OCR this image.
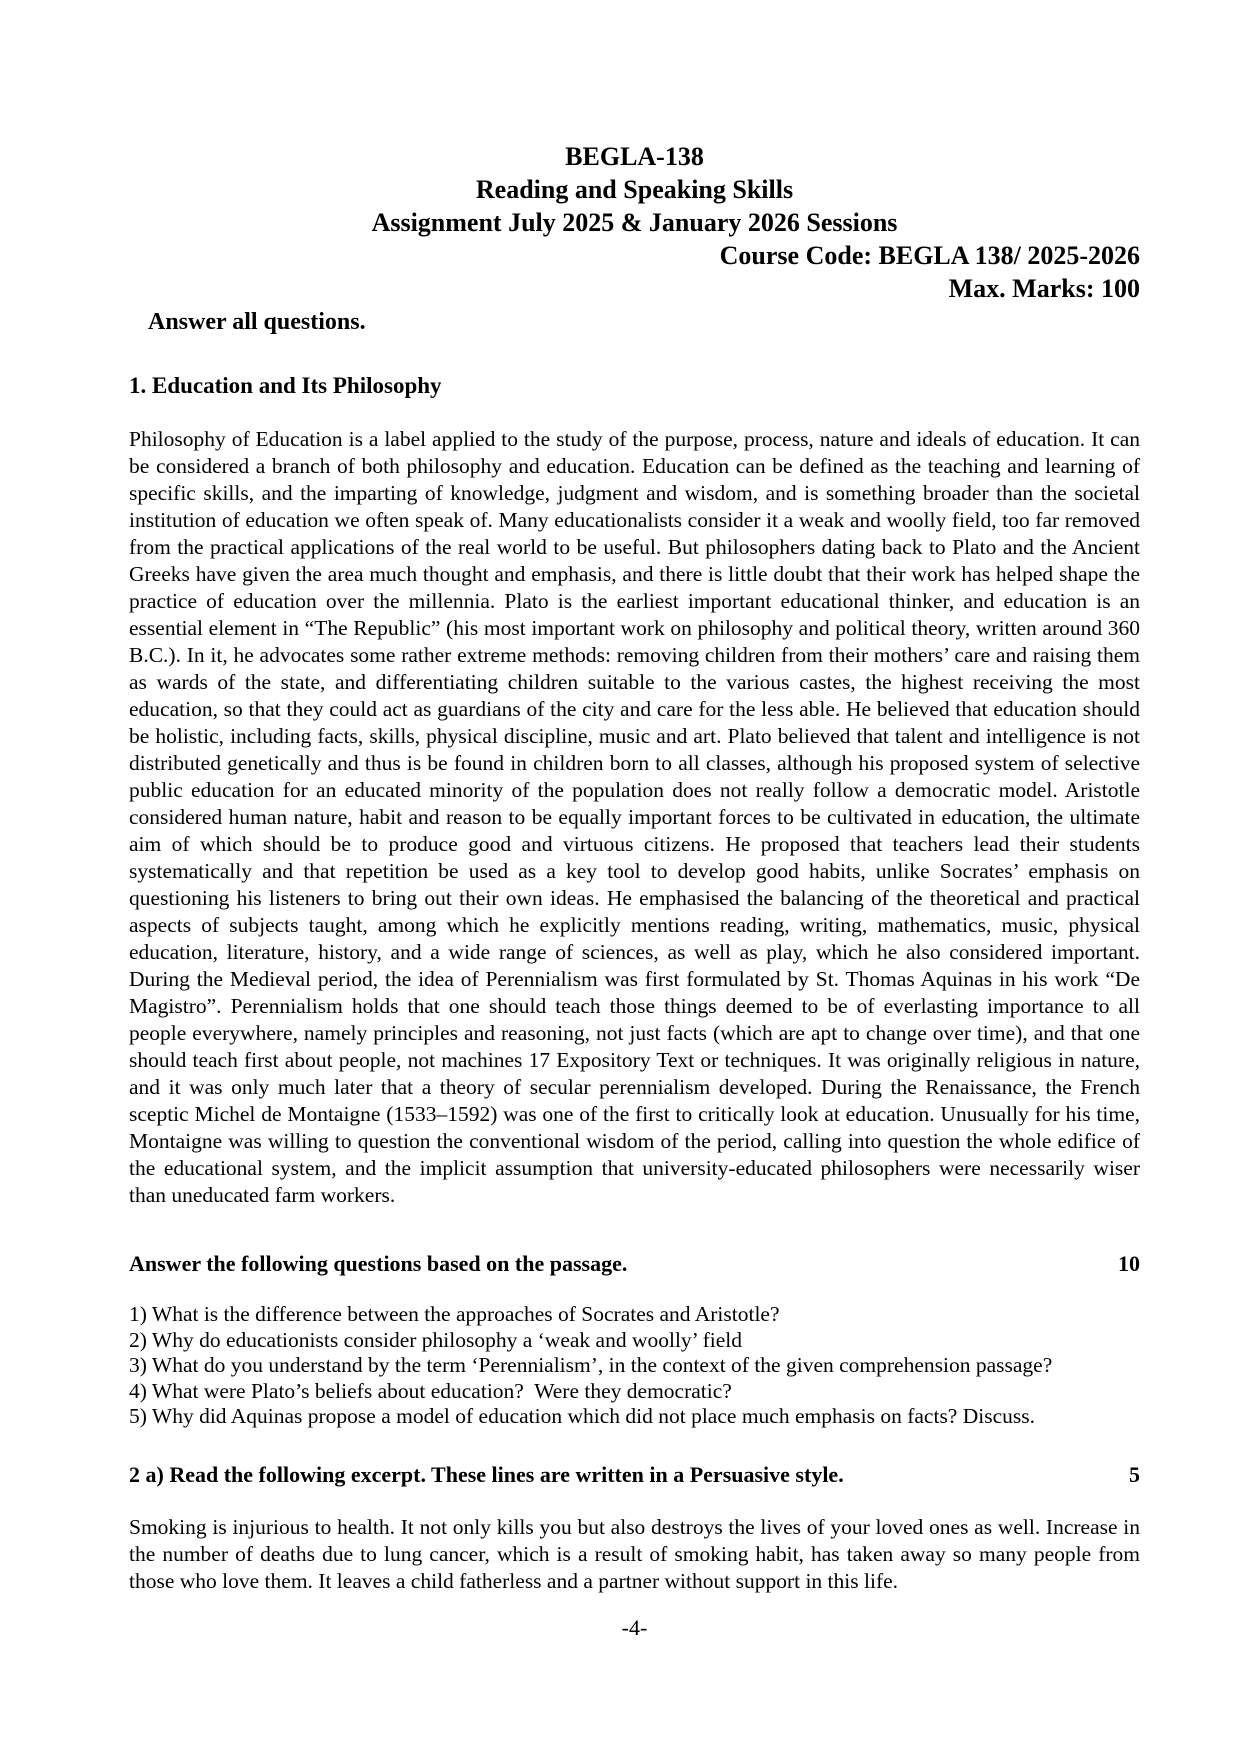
BEGLA-138
Reading and Speaking Skills
Assignment July 2025 & January 2026 Sessions
Course Code: BEGLA 138/ 2025-2026
Max. Marks: 100
Answer all questions.
1. Education and Its Philosophy

Philosophy of Education is a label applied to the study of the purpose, process, nature and ideals of education. It can be considered a branch of both philosophy and education. Education can be defined as the teaching and learning of specific skills, and the imparting of knowledge, judgment and wisdom, and is something broader than the societal institution of education we often speak of. Many educationalists consider it a weak and woolly field, too far removed from the practical applications of the real world to be useful. But philosophers dating back to Plato and the Ancient Greeks have given the area much thought and emphasis, and there is little doubt that their work has helped shape the practice of education over the millennia. Plato is the earliest important educational thinker, and education is an essential element in “The Republic” (his most important work on philosophy and political theory, written around 360 B.C.). In it, he advocates some rather extreme methods: removing children from their mothers’ care and raising them as wards of the state, and differentiating children suitable to the various castes, the highest receiving the most education, so that they could act as guardians of the city and care for the less able. He believed that education should be holistic, including facts, skills, physical discipline, music and art. Plato believed that talent and intelligence is not distributed genetically and thus is be found in children born to all classes, although his proposed system of selective public education for an educated minority of the population does not really follow a democratic model. Aristotle considered human nature, habit and reason to be equally important forces to be cultivated in education, the ultimate aim of which should be to produce good and virtuous citizens. He proposed that teachers lead their students systematically and that repetition be used as a key tool to develop good habits, unlike Socrates’ emphasis on questioning his listeners to bring out their own ideas. He emphasised the balancing of the theoretical and practical aspects of subjects taught, among which he explicitly mentions reading, writing, mathematics, music, physical education, literature, history, and a wide range of sciences, as well as play, which he also considered important. During the Medieval period, the idea of Perennialism was first formulated by St. Thomas Aquinas in his work “De Magistro”. Perennialism holds that one should teach those things deemed to be of everlasting importance to all people everywhere, namely principles and reasoning, not just facts (which are apt to change over time), and that one should teach first about people, not machines 17 Expository Text or techniques. It was originally religious in nature, and it was only much later that a theory of secular perennialism developed. During the Renaissance, the French sceptic Michel de Montaigne (1533–1592) was one of the first to critically look at education. Unusually for his time, Montaigne was willing to question the conventional wisdom of the period, calling into question the whole edifice of the educational system, and the implicit assumption that university-educated philosophers were necessarily wiser than uneducated farm workers.

Answer the following questions based on the passage.	10
1) What is the difference between the approaches of Socrates and Aristotle?
2) Why do educationists consider philosophy a ‘weak and woolly’ field
3) What do you understand by the term ‘Perennialism’, in the context of the given comprehension passage?
4) What were Plato’s beliefs about education?  Were they democratic?
5) Why did Aquinas propose a model of education which did not place much emphasis on facts? Discuss.
2 a) Read the following excerpt. These lines are written in a Persuasive style.	5

Smoking is injurious to health. It not only kills you but also destroys the lives of your loved ones as well. Increase in the number of deaths due to lung cancer, which is a result of smoking habit, has taken away so many people from those who love them. It leaves a child fatherless and a partner without support in this life.

-4-
